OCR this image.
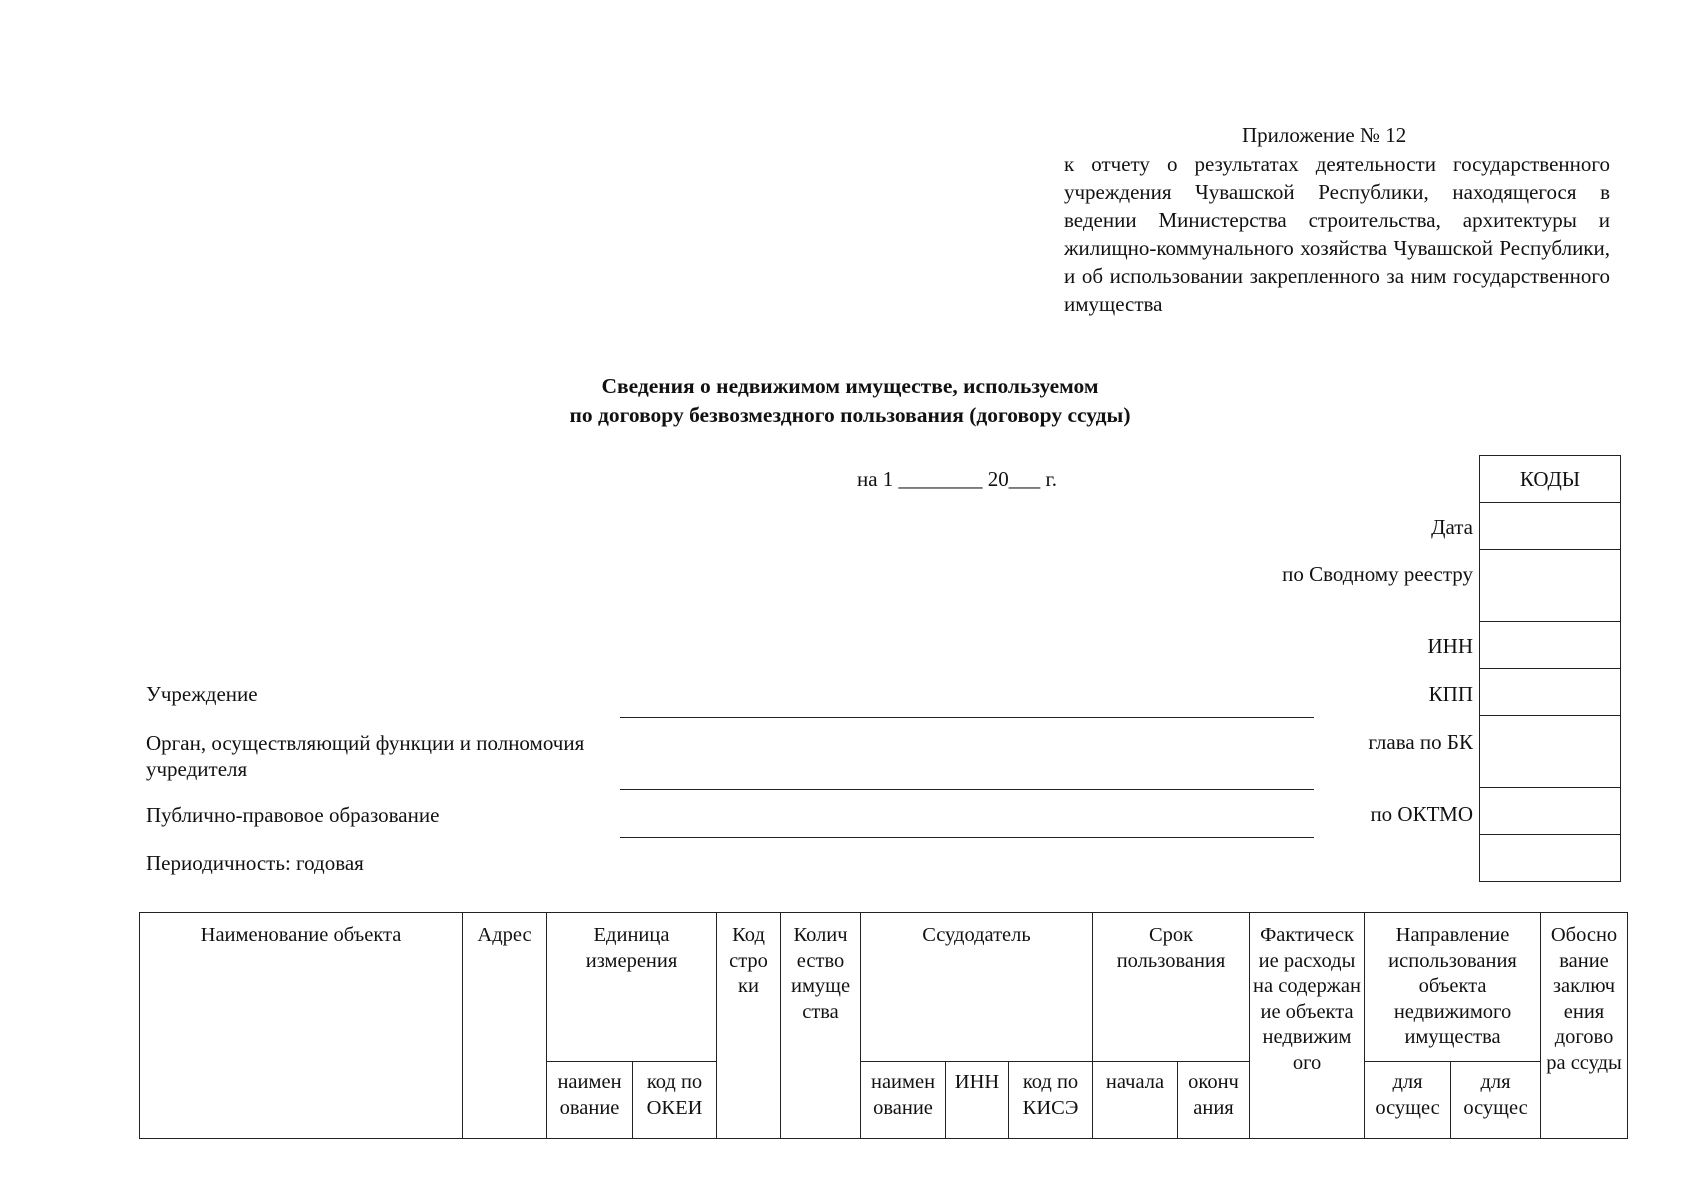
Приложение № 12
к отчету о результатах деятельности государственного учреждения Чувашской Республики, находящегося в ведении Министерства строительства, архитектуры и жилищно-коммунального хозяйства Чувашской Республики, и об использовании закрепленного за ним государственного имущества
Сведения о недвижимом имуществе, используемом
по договору безвозмездного пользования (договору ссуды)
на 1 ________ 20___ г.	КОДЫ

Дата
по Сводному реестру
ИНН
КПП
глава по БК
по ОКТМО
Учреждение
Орган, осуществляющий функции и полномочия учредителя
Публично-правовое образование
Периодичность: годовая
Наименование объекта	Адрес	Единица измерения		Код стро ки	Колич ество имуще ства	Ссудодатель			Срок пользования		Фактическ ие расходы на содержан ие объекта недвижим ого	Направление использования объекта недвижимого имущества		Обосно вание заключ ения догово ра ссуды
		наимен ование	код по ОКЕИ			наимен ование	ИНН	код по КИСЭ	начала	оконч ания		для осущес	для осущес	
